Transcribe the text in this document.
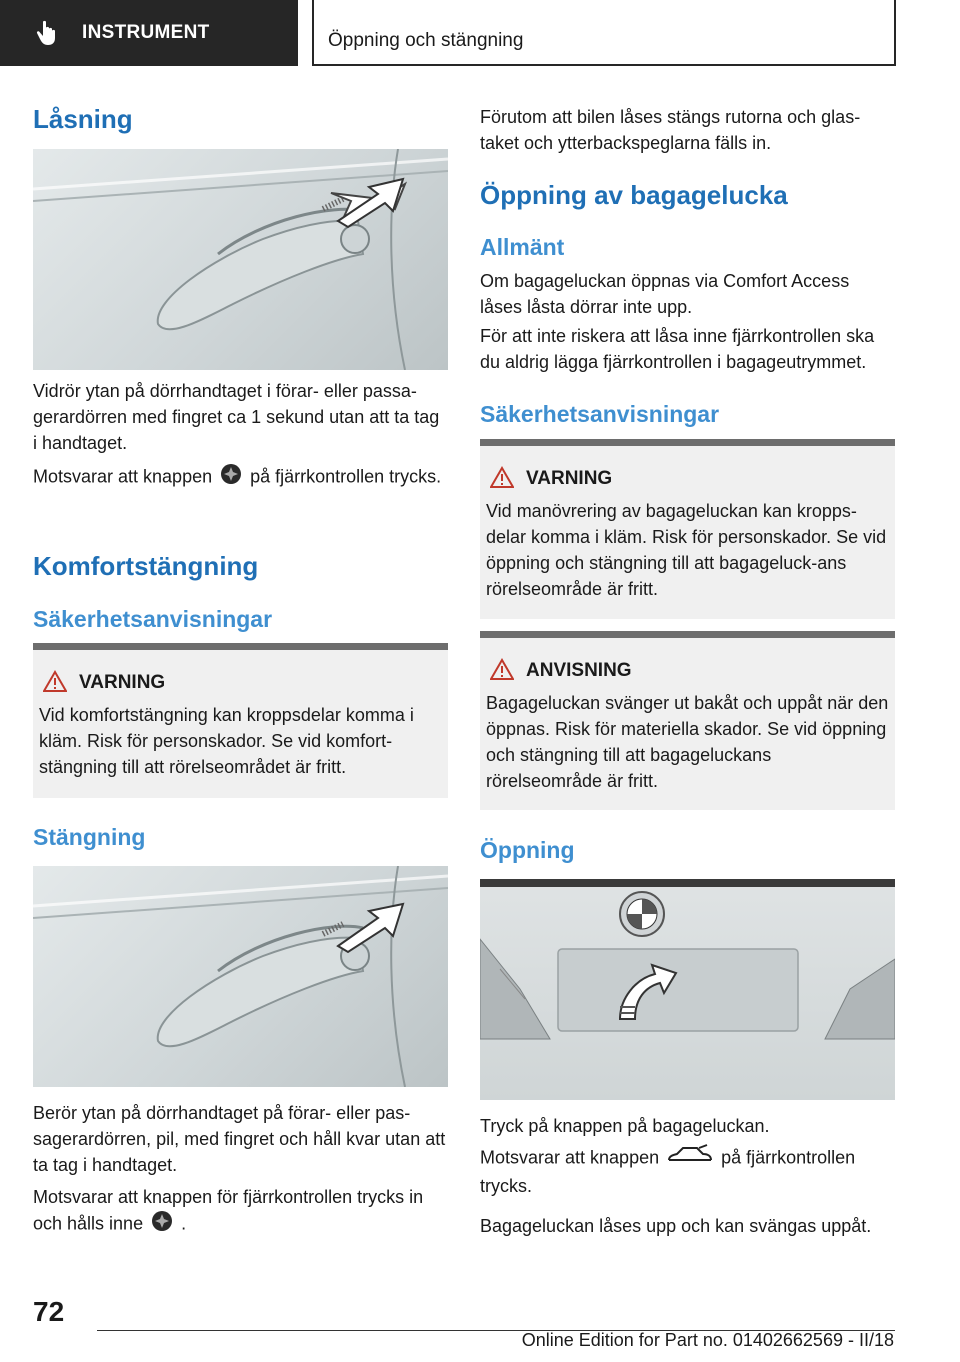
INSTRUMENT	Öppning och stängning
Låsning
Vidrör ytan på dörrhandtaget i förar- eller passa-gerardörren med fingret ca 1 sekund utan att ta tag i handtaget.
Motsvarar att knappen på fjärrkontrollen trycks.
Komfortstängning
Säkerhetsanvisningar
VARNING
Vid komfortstängning kan kroppsdelar komma i kläm. Risk för personskador. Se vid komfort-stängning till att rörelseområdet är fritt.
Stängning
Berör ytan på dörrhandtaget på förar- eller pas-sagerardörren, pil, med fingret och håll kvar utan att ta tag i handtaget.
Motsvarar att knappen för fjärrkontrollen trycks in och hålls inne .
Förutom att bilen låses stängs rutorna och glas-taket och ytterbackspeglarna fälls in.
Öppning av bagagelucka
Allmänt
Om bagageluckan öppnas via Comfort Access låses låsta dörrar inte upp.
För att inte riskera att låsa inne fjärrkontrollen ska du aldrig lägga fjärrkontrollen i bagageutrymmet.
Säkerhetsanvisningar
VARNING
Vid manövrering av bagageluckan kan kropps-delar komma i kläm. Risk för personskador. Se vid öppning och stängning till att bagageluck-ans rörelseområde är fritt.
ANVISNING
Bagageluckan svänger ut bakåt och uppåt när den öppnas. Risk för materiella skador. Se vid öppning och stängning till att bagageluckans rörelseområde är fritt.
Öppning
Tryck på knappen på bagageluckan.
Motsvarar att knappen	på fjärrkontrollen trycks.
Bagageluckan låses upp och kan svängas uppåt.
72
Online Edition for Part no. 01402662569 - II/18
